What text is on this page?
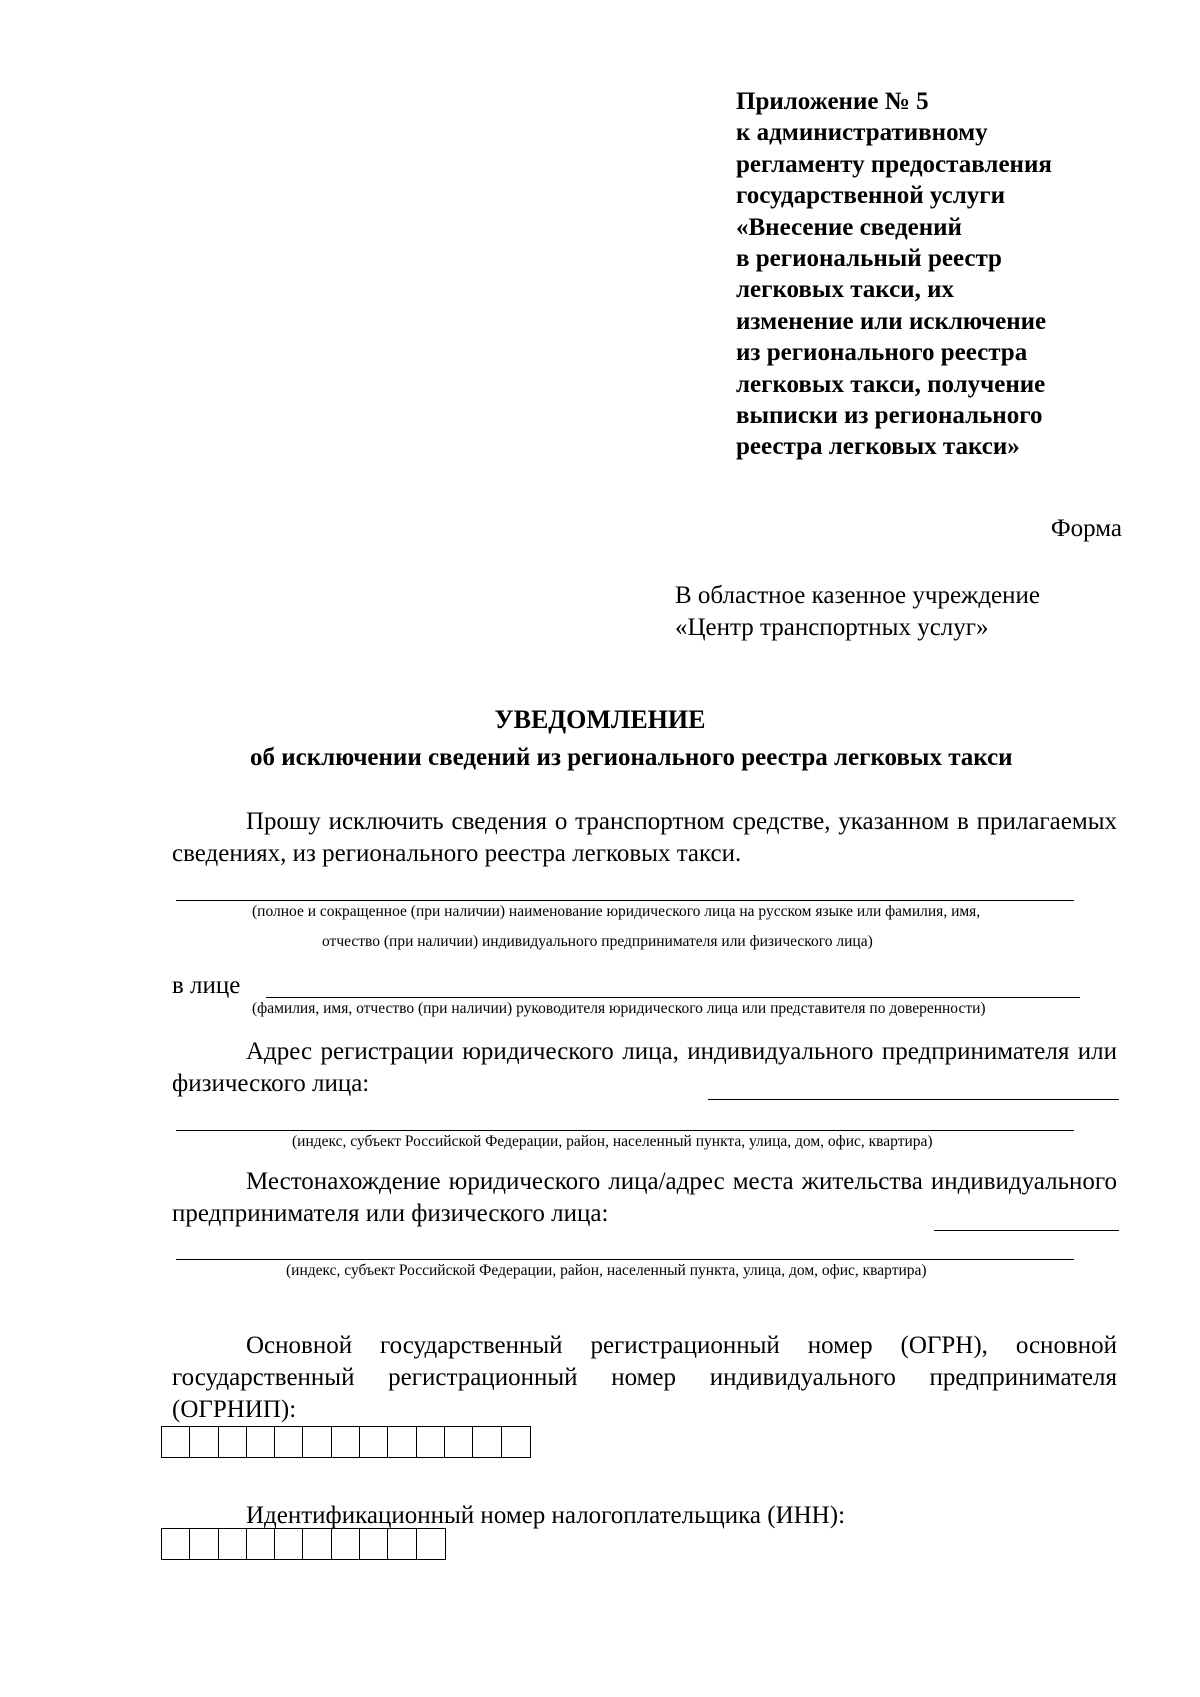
Приложение № 5
к административному
регламенту предоставления
государственной услуги
«Внесение сведений
в региональный реестр
легковых такси, их
изменение или исключение
из регионального реестра
легковых такси, получение
выписки из регионального
реестра легковых такси»
Форма
В областное казенное учреждение
«Центр транспортных услуг»
УВЕДОМЛЕНИЕ
об исключении сведений из регионального реестра легковых такси
Прошу исключить сведения о транспортном средстве, указанном в прилагаемых сведениях, из регионального реестра легковых такси.
(полное и сокращенное (при наличии) наименование юридического лица на русском языке или фамилия, имя,
отчество (при наличии) индивидуального предпринимателя или физического лица)
в лице
(фамилия, имя, отчество (при наличии) руководителя юридического лица или представителя по доверенности)
Адрес регистрации юридического лица, индивидуального предпринимателя или физического лица:
(индекс, субъект Российской Федерации, район, населенный пункта, улица, дом, офис, квартира)
Местонахождение юридического лица/адрес места жительства индивидуального предпринимателя или физического лица:
(индекс, субъект Российской Федерации, район, населенный пункта, улица, дом, офис, квартира)
Основной государственный регистрационный номер (ОГРН), основной государственный регистрационный номер индивидуального предпринимателя (ОГРНИП):
Идентификационный номер налогоплательщика (ИНН):
